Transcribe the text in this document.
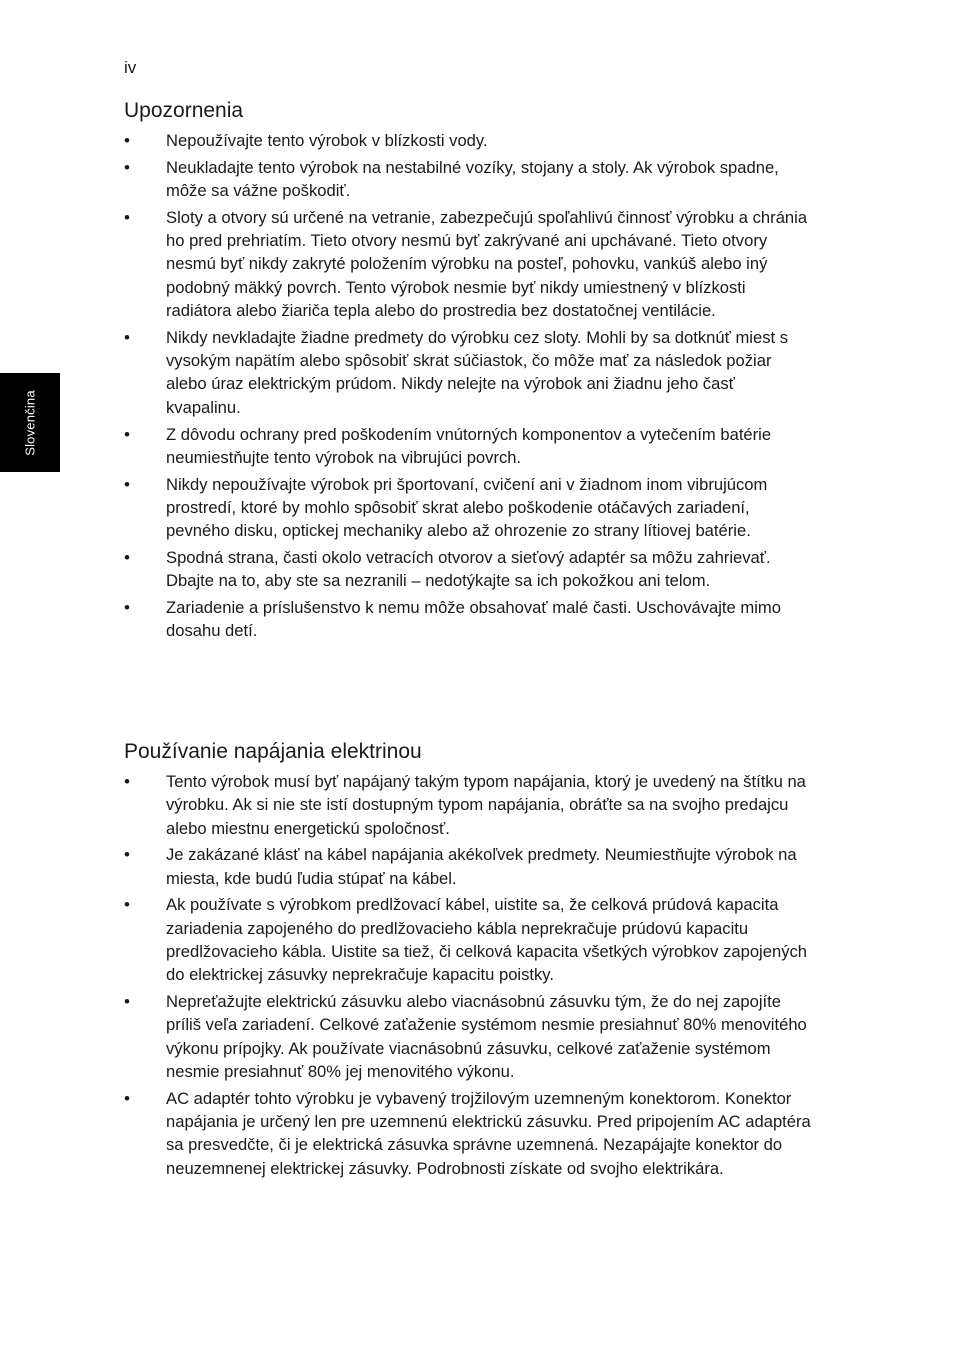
iv
Slovenčina
Upozornenia
• Nepoužívajte tento výrobok v blízkosti vody.
• Neukladajte tento výrobok na nestabilné vozíky, stojany a stoly. Ak výrobok spadne, môže sa vážne poškodiť.
• Sloty a otvory sú určené na vetranie, zabezpečujú spoľahlivú činnosť výrobku a chránia ho pred prehriatím. Tieto otvory nesmú byť zakrývané ani upchávané. Tieto otvory nesmú byť nikdy zakryté položením výrobku na posteľ, pohovku, vankúš alebo iný podobný mäkký povrch. Tento výrobok nesmie byť nikdy umiestnený v blízkosti radiátora alebo žiariča tepla alebo do prostredia bez dostatočnej ventilácie.
• Nikdy nevkladajte žiadne predmety do výrobku cez sloty. Mohli by sa dotknúť miest s vysokým napätím alebo spôsobiť skrat súčiastok, čo môže mať za následok požiar alebo úraz elektrickým prúdom. Nikdy nelejte na výrobok ani žiadnu jeho časť kvapalinu.
• Z dôvodu ochrany pred poškodením vnútorných komponentov a vytečením batérie neumiestňujte tento výrobok na vibrujúci povrch.
• Nikdy nepoužívajte výrobok pri športovaní, cvičení ani v žiadnom inom vibrujúcom prostredí, ktoré by mohlo spôsobiť skrat alebo poškodenie otáčavých zariadení, pevného disku, optickej mechaniky alebo až ohrozenie zo strany lítiovej batérie.
• Spodná strana, časti okolo vetracích otvorov a sieťový adaptér sa môžu zahrievať. Dbajte na to, aby ste sa nezranili – nedotýkajte sa ich pokožkou ani telom.
• Zariadenie a príslušenstvo k nemu môže obsahovať malé časti. Uschovávajte mimo dosahu detí.
Používanie napájania elektrinou
• Tento výrobok musí byť napájaný takým typom napájania, ktorý je uvedený na štítku na výrobku. Ak si nie ste istí dostupným typom napájania, obráťte sa na svojho predajcu alebo miestnu energetickú spoločnosť.
• Je zakázané klásť na kábel napájania akékoľvek predmety. Neumiestňujte výrobok na miesta, kde budú ľudia stúpať na kábel.
• Ak používate s výrobkom predlžovací kábel, uistite sa, že celková prúdová kapacita zariadenia zapojeného do predlžovacieho kábla neprekračuje prúdovú kapacitu predlžovacieho kábla. Uistite sa tiež, či celková kapacita všetkých výrobkov zapojených do elektrickej zásuvky neprekračuje kapacitu poistky.
• Nepreťažujte elektrickú zásuvku alebo viacnásobnú zásuvku tým, že do nej zapojíte príliš veľa zariadení. Celkové zaťaženie systémom nesmie presiahnuť 80% menovitého výkonu prípojky. Ak používate viacnásobnú zásuvku, celkové zaťaženie systémom nesmie presiahnuť 80% jej menovitého výkonu.
• AC adaptér tohto výrobku je vybavený trojžilovým uzemneným konektorom. Konektor napájania je určený len pre uzemnenú elektrickú zásuvku. Pred pripojením AC adaptéra sa presvedčte, či je elektrická zásuvka správne uzemnená. Nezapájajte konektor do neuzemnenej elektrickej zásuvky. Podrobnosti získate od svojho elektrikára.
